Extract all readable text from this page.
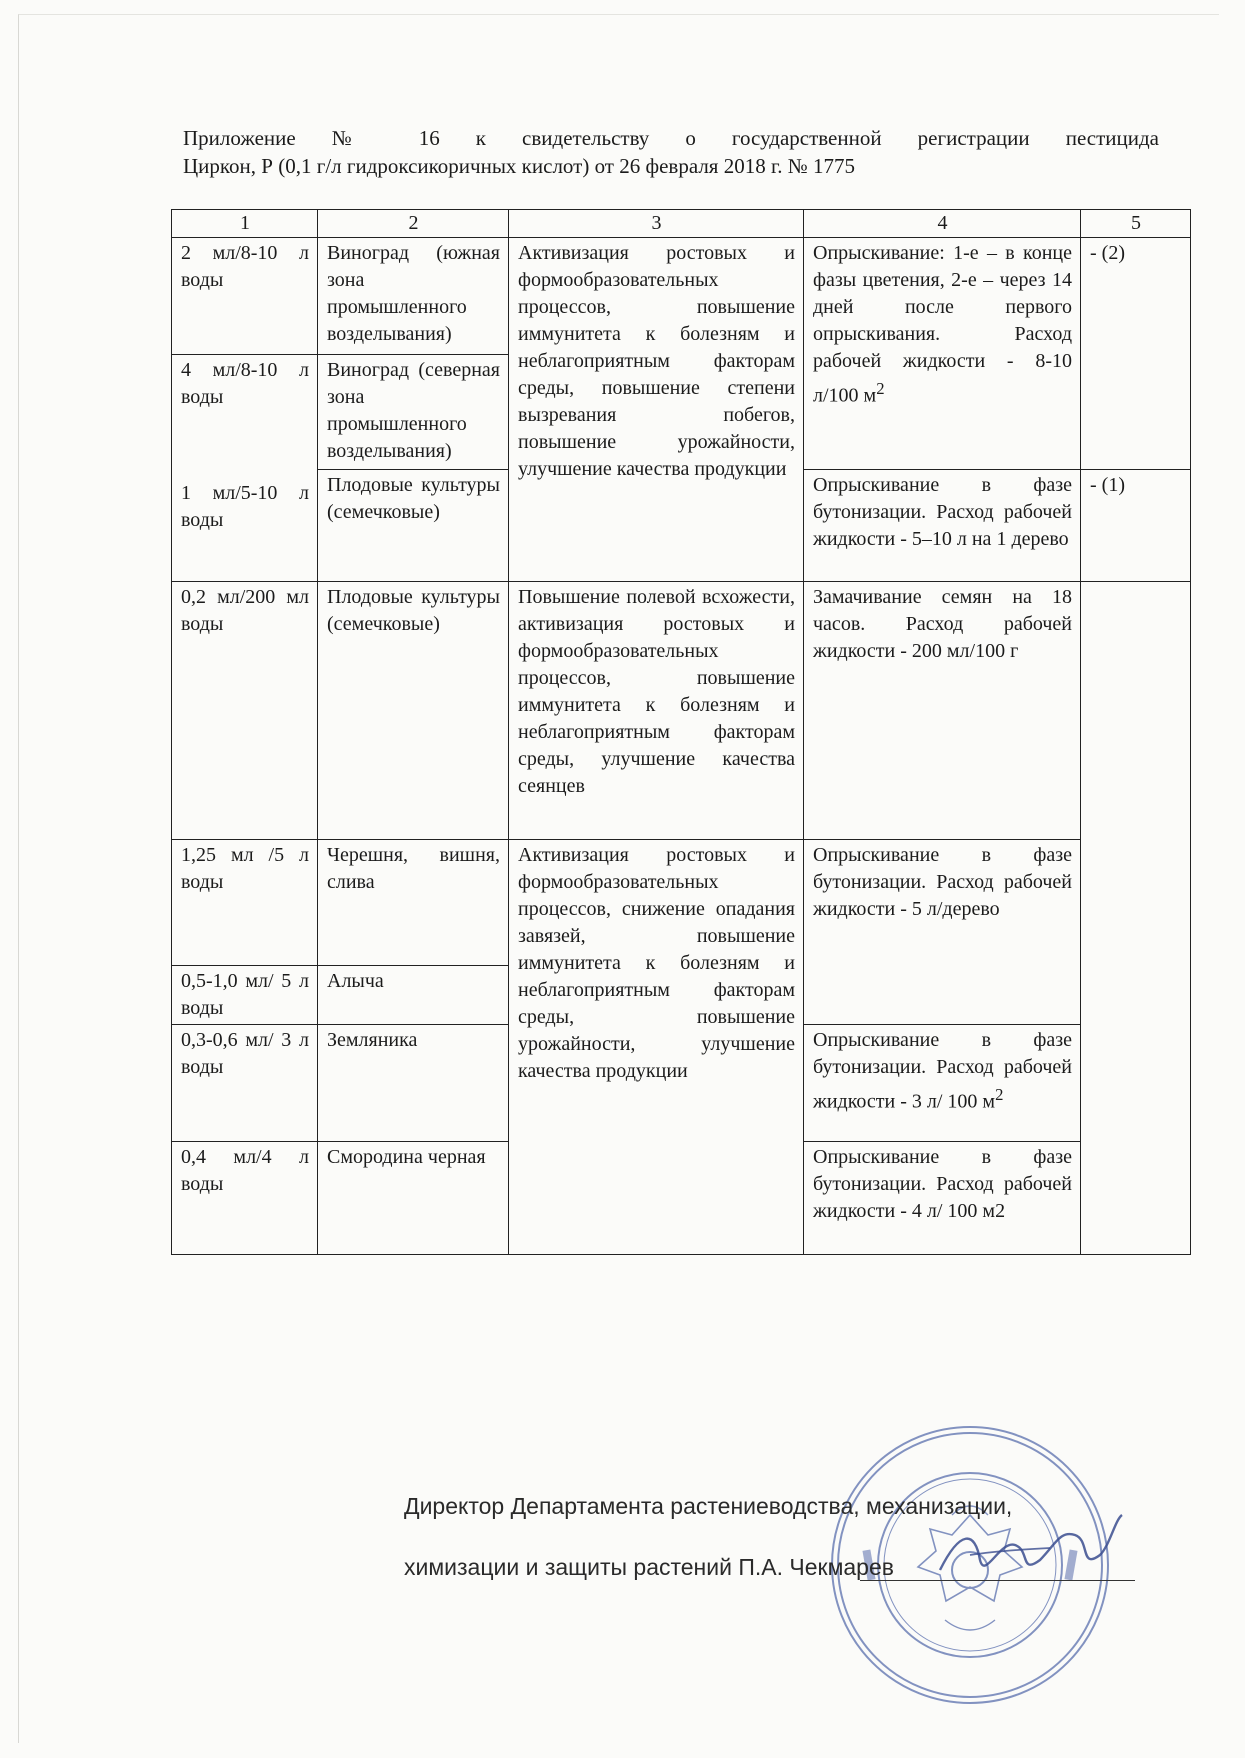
Приложение № 16 к свидетельству о государственной регистрации пестицида
Циркон, Р (0,1 г/л гидроксикоричных кислот) от 26 февраля 2018 г. № 1775
1	2	3	4	5
2 мл/8-10 л воды	Виноград (южная зона промышленного возделывания)	Активизация ростовых и формообразовательных процессов, повышение иммунитета к болезням и неблагоприятным факторам среды, повышение степени вызревания побегов, повышение урожайности, улучшение качества продукции	Опрыскивание: 1-е – в конце фазы цветения, 2-е – через 14 дней после первого опрыскивания. Расход рабочей жидкости - 8-10 л/100 $м^2$	- (2)
4 мл/8-10 л воды	Виноград (северная зона промышленного возделывания)			
1 мл/5-10 л воды	Плодовые культуры (семечковые)		Опрыскивание в фазе бутонизации. Расход рабочей жидкости - 5–10 л на 1 дерево	- (1)
0,2 мл/200 мл воды	Плодовые культуры (семечковые)	Повышение полевой всхожести, активизация ростовых и формообразовательных процессов, повышение иммунитета к болезням и неблагоприятным факторам среды, улучшение качества сеянцев	Замачивание семян на 18 часов. Расход рабочей жидкости - 200 мл/100 г	
1,25 мл /5 л воды	Черешня, вишня, слива	Активизация ростовых и формообразовательных процессов, снижение опадания завязей, повышение иммунитета к болезням и неблагоприятным факторам среды, повышение урожайности, улучшение качества продукции	Опрыскивание в фазе бутонизации. Расход рабочей жидкости - 5 л/дерево	
0,5-1,0 мл/ 5 л воды	Алыча			
0,3-0,6 мл/ 3 л воды	Земляника		Опрыскивание в фазе бутонизации. Расход рабочей жидкости - 3 л/ 100 $м^2$
0,4 мл/4 л воды	Смородина черная		Опрыскивание в фазе бутонизации. Расход рабочей жидкости - 4 л/ 100 м2	
Директор Департамента растениеводства, механизации,
химизации и защиты растений П.А. Чекмарев
